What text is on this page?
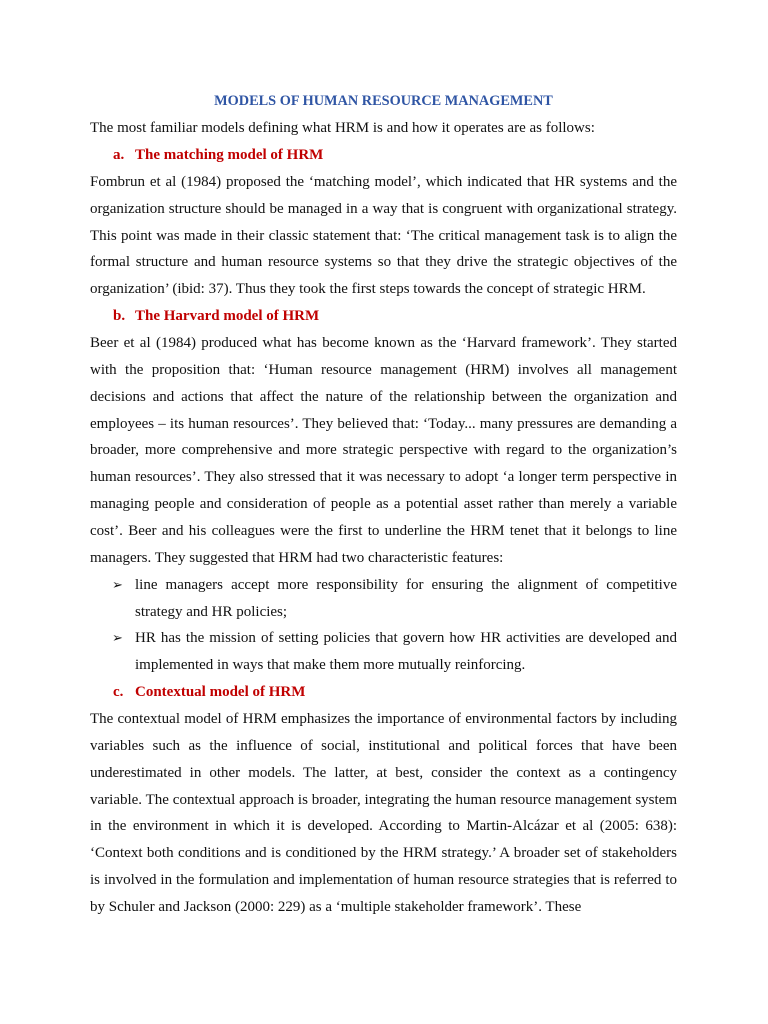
MODELS OF HUMAN RESOURCE MANAGEMENT

The most familiar models defining what HRM is and how it operates are as follows:

a. The matching model of HRM

Fombrun et al (1984) proposed the ‘matching model’, which indicated that HR systems and the organization structure should be managed in a way that is congruent with organizational strategy. This point was made in their classic statement that: ‘The critical management task is to align the formal structure and human resource systems so that they drive the strategic objectives of the organization’ (ibid: 37). Thus they took the first steps towards the concept of strategic HRM.

b. The Harvard model of HRM

Beer et al (1984) produced what has become known as the ‘Harvard framework’. They started with the proposition that: ‘Human resource management (HRM) involves all management decisions and actions that affect the nature of the relationship between the organization and employees – its human resources’. They believed that: ‘Today... many pressures are demanding a broader, more comprehensive and more strategic perspective with regard to the organization’s human resources’. They also stressed that it was necessary to adopt ‘a longer term perspective in managing people and consideration of people as a potential asset rather than merely a variable cost’. Beer and his colleagues were the first to underline the HRM tenet that it belongs to line managers. They suggested that HRM had two characteristic features:

➢ line managers accept more responsibility for ensuring the alignment of competitive strategy and HR policies;
➢ HR has the mission of setting policies that govern how HR activities are developed and implemented in ways that make them more mutually reinforcing.
c. Contextual model of HRM

The contextual model of HRM emphasizes the importance of environmental factors by including variables such as the influence of social, institutional and political forces that have been underestimated in other models. The latter, at best, consider the context as a contingency variable. The contextual approach is broader, integrating the human resource management system in the environment in which it is developed. According to Martin-Alcázar et al (2005: 638): ‘Context both conditions and is conditioned by the HRM strategy.’ A broader set of stakeholders is involved in the formulation and implementation of human resource strategies that is referred to by Schuler and Jackson (2000: 229) as a ‘multiple stakeholder framework’. These
